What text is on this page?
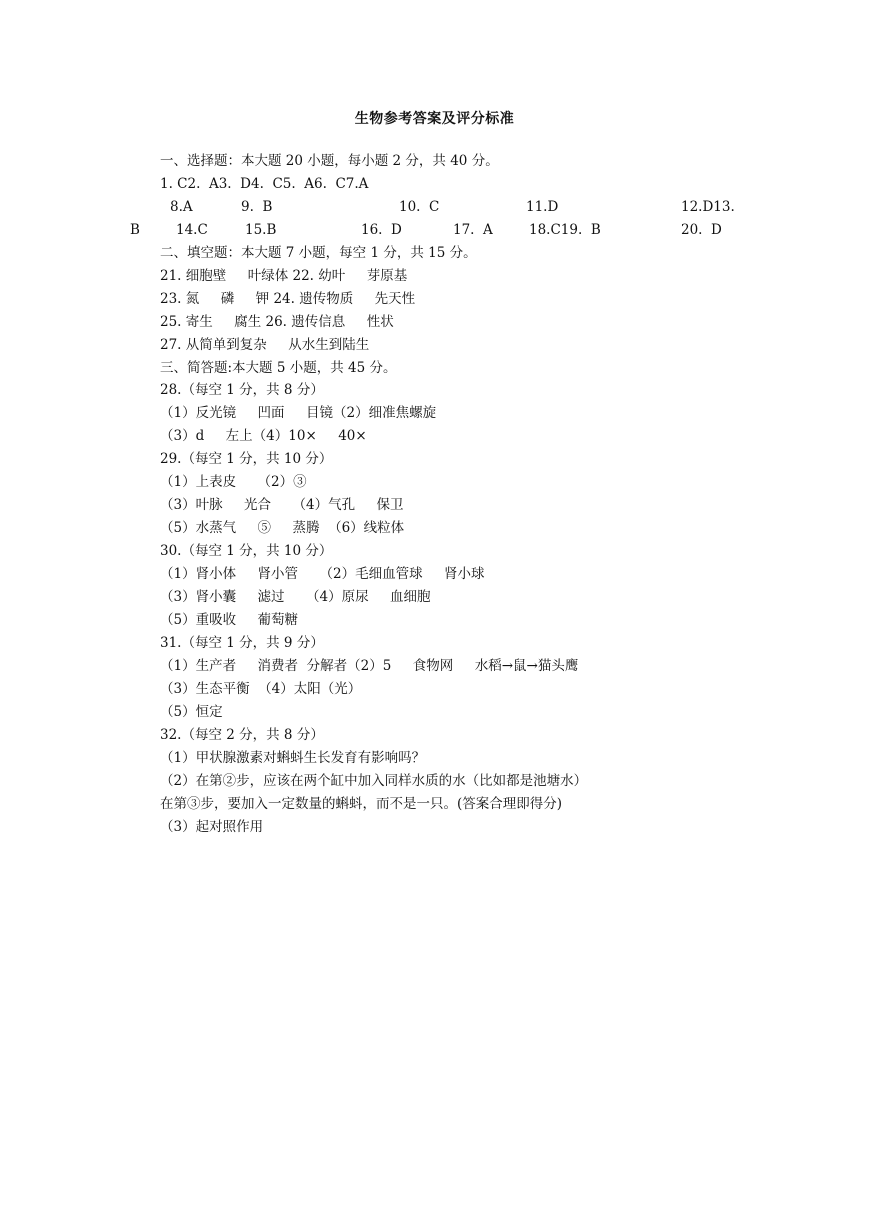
生物参考答案及评分标准
一、选择题：本大题 20 小题，每小题 2 分，共 40 分。
1. C2.  A3.  D4.  C5.  A6.  C7.A
8.A	9.  B	10.  C	11.D	12.D13.
B	14.C	15.B	16.  D	17.  A	18.C19.  B	20.  D
二、填空题：本大题 7 小题，每空 1 分，共 15 分。
21. 细胞壁     叶绿体 22. 幼叶     芽原基
23. 氮     磷     钾 24. 遗传物质     先天性
25. 寄生     腐生 26. 遗传信息     性状
27. 从简单到复杂     从水生到陆生
三、简答题:本大题 5 小题，共 45 分。
28.（每空 1 分，共 8 分）
（1）反光镜     凹面     目镜（2）细准焦螺旋
（3）d     左上（4）10×     40×
29.（每空 1 分，共 10 分）
（1）上表皮     （2）③
（3）叶脉     光合     （4）气孔     保卫
（5）水蒸气     ⑤     蒸腾  （6）线粒体
30.（每空 1 分，共 10 分）
（1）肾小体     肾小管     （2）毛细血管球     肾小球
（3）肾小囊     滤过     （4）原尿     血细胞
（5）重吸收     葡萄糖
31.（每空 1 分，共 9 分）
（1）生产者     消费者  分解者（2）5     食物网     水稻→鼠→猫头鹰
（3）生态平衡  （4）太阳（光）
（5）恒定
32.（每空 2 分，共 8 分）
（1）甲状腺激素对蝌蚪生长发育有影响吗？
（2）在第②步，应该在两个缸中加入同样水质的水（比如都是池塘水）
在第③步，要加入一定数量的蝌蚪，而不是一只。(答案合理即得分)
（3）起对照作用
